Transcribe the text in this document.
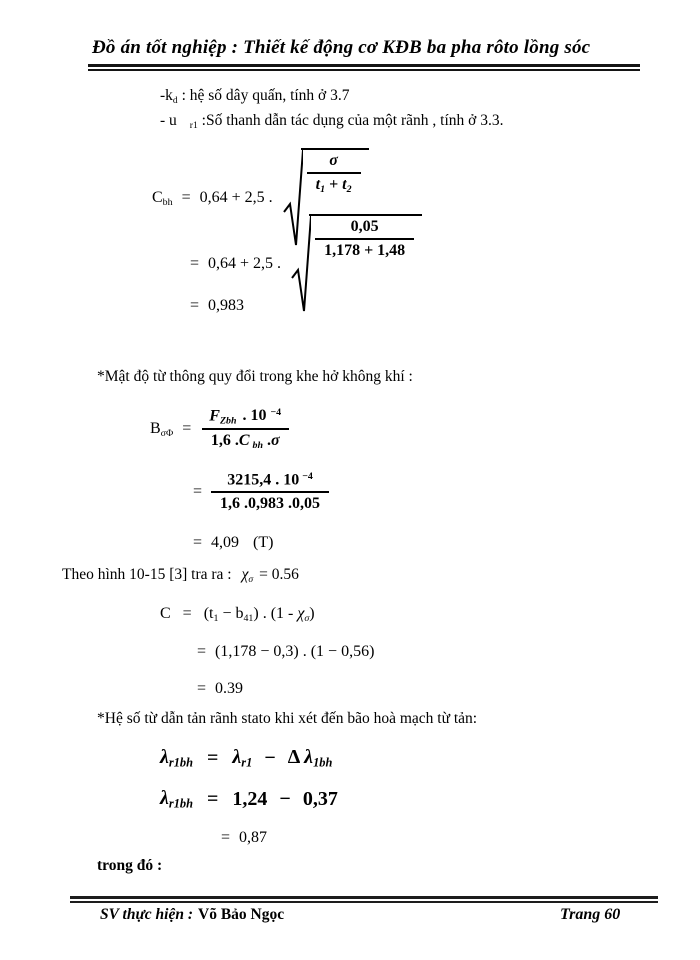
Đồ án tốt nghiệp : Thiết kế động cơ KĐB ba pha rôto lồng sóc
-kd : hệ số dây quấn, tính ở 3.7
- u r1 :Số thanh dẫn tác dụng của một rãnh , tính ở 3.3.
Cbh = 0,64 + 2,5 .
$\frac{\sigma}{t1 + t2}$
= 0,64 + 2,5 .
$\frac{0,05}{1,178 + 1,48}$
= 0,983
*Mật độ từ thông quy đổi trong khe hở không khí :
$B\sigma\Phi = \frac{FZbh . 10 ^{-4}}{\text{1,6 .C bh .σ}}$
= $\frac{3215,4 . 10 ^{-4}}{1,6 .0,983 .0,05}$
= 4,09 (T)
Theo hình 10-15 [3] tra ra : χσ = 0.56
C = (t1 − b41) . (1 - χσ)
= (1,178 − 0,3) . (1 − 0,56)
= 0.39
*Hệ số từ dẫn tản rãnh stato khi xét đến bão hoà mạch từ tản:
λr1bh = λr1 − Δ λ1bh
λr1bh = 1,24 − 0,37
= 0,87
trong đó :
SV thực hiện : Võ Bảo Ngọc	Trang 60
